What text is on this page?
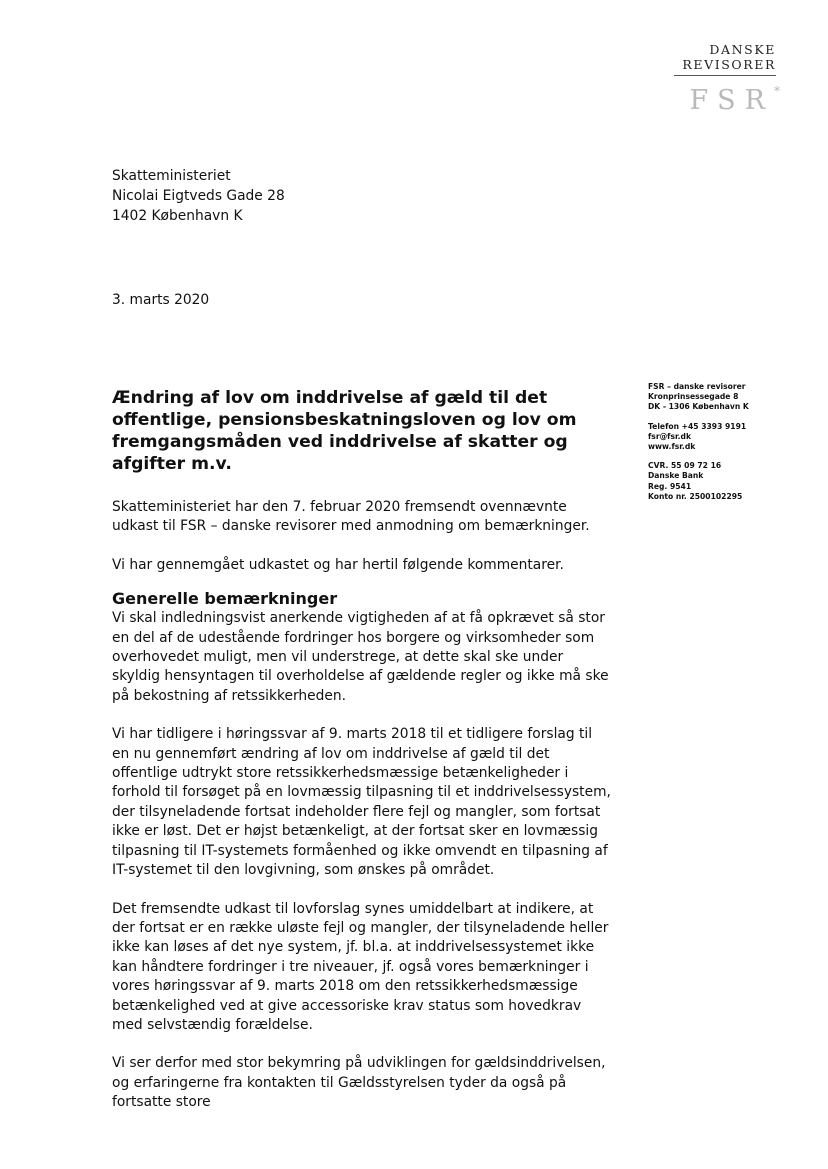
DANSKE
REVISORER
FSR*
Skatteministeriet
Nicolai Eigtveds Gade 28
1402 København K
3. marts 2020
FSR – danske revisorer
Kronprinsessegade 8
DK - 1306 København K
Telefon +45 3393 9191
fsr@fsr.dk
www.fsr.dk
CVR. 55 09 72 16
Danske Bank
Reg. 9541
Konto nr. 2500102295
Ændring af lov om inddrivelse af gæld til det offentlige, pensionsbeskatningsloven og lov om fremgangsmåden ved inddrivelse af skatter og afgifter m.v.

Skatteministeriet har den 7. februar 2020 fremsendt ovennævnte udkast til FSR – danske revisorer med anmodning om bemærkninger.

Vi har gennemgået udkastet og har hertil følgende kommentarer.

Generelle bemærkninger

Vi skal indledningsvist anerkende vigtigheden af at få opkrævet så stor en del af de udestående fordringer hos borgere og virksomheder som overhovedet muligt, men vil understrege, at dette skal ske under skyldig hensyntagen til overholdelse af gældende regler og ikke må ske på bekostning af retssikkerheden.

Vi har tidligere i høringssvar af 9. marts 2018 til et tidligere forslag til en nu gennemført ændring af lov om inddrivelse af gæld til det offentlige udtrykt store retssikkerhedsmæssige betænkeligheder i forhold til forsøget på en lovmæssig tilpasning til et inddrivelsessystem, der tilsyneladende fortsat indeholder flere fejl og mangler, som fortsat ikke er løst. Det er højst betænkeligt, at der fortsat sker en lovmæssig tilpasning til IT-systemets formåenhed og ikke omvendt en tilpasning af IT-systemet til den lovgivning, som ønskes på området.

Det fremsendte udkast til lovforslag synes umiddelbart at indikere, at der fortsat er en række uløste fejl og mangler, der tilsyneladende heller ikke kan løses af det nye system, jf. bl.a. at inddrivelsessystemet ikke kan håndtere fordringer i tre niveauer, jf. også vores bemærkninger i vores høringssvar af 9. marts 2018 om den retssikkerhedsmæssige betænkelighed ved at give accessoriske krav status som hovedkrav med selvstændig forældelse.

Vi ser derfor med stor bekymring på udviklingen for gældsinddrivelsen, og erfaringerne fra kontakten til Gældsstyrelsen tyder da også på fortsatte store
